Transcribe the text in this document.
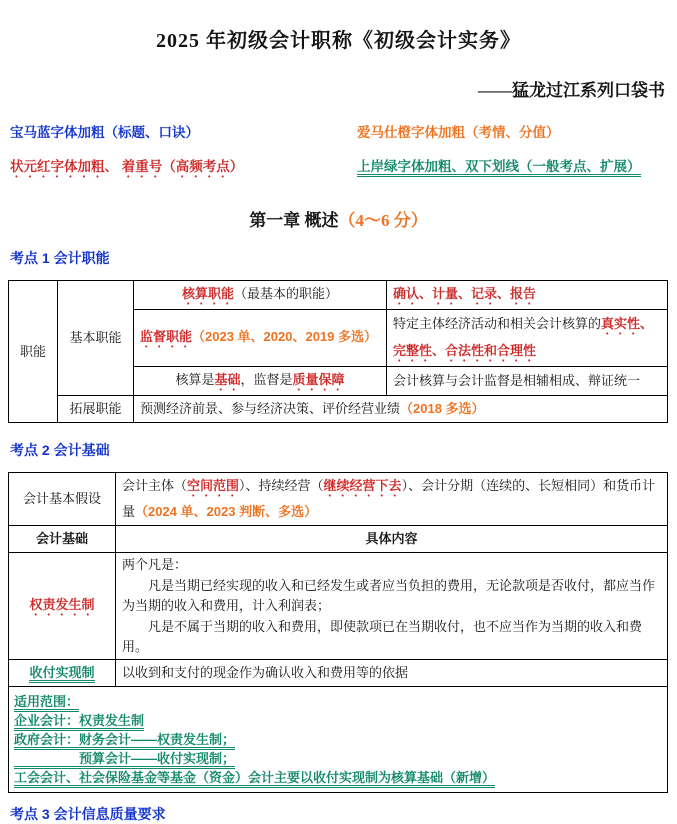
2025 年初级会计职称《初级会计实务》
——猛龙过江系列口袋书
宝马蓝字体加粗（标题、口诀）	爱马仕橙字体加粗（考情、分值）
状元红字体加粗、 着重号（高频考点）	上岸绿字体加粗、双下划线（一般考点、扩展）
第一章 概述（4～6 分）
考点 1 会计职能
职能	基本职能	核算职能（最基本的职能）	确认、计量、记录、报告
		监督职能（2023 单、2020、2019 多选）	特定主体经济活动和相关会计核算的真实性、完整性、合法性和合理性
		核算是基础，监督是质量保障	会计核算与会计监督是相辅相成、辩证统一
	拓展职能	预测经济前景、参与经济决策、评价经营业绩（2018 多选）	
考点 2 会计基础
会计基本假设	会计主体（空间范围）、持续经营（继续经营下去）、会计分期（连续的、长短相同）和货币计量（2024 单、2023 判断、多选）
会计基础	具体内容
权责发生制	两个凡是：

凡是当期已经实现的收入和已经发生或者应当负担的费用，无论款项是否收付，都应当作为当期的收入和费用，计入利润表；

凡是不属于当期的收入和费用，即使款项已在当期收付，也不应当作为当期的收入和费用。

收付实现制	以收到和支付的现金作为确认收入和费用等的依据

适用范围：
企业会计：权责发生制
政府会计：财务会计——权责发生制；
　　　　　预算会计——收付实现制；
工会会计、社会保险基金等基金（资金）会计主要以收付实现制为核算基础（新增）	
考点 3 会计信息质量要求
